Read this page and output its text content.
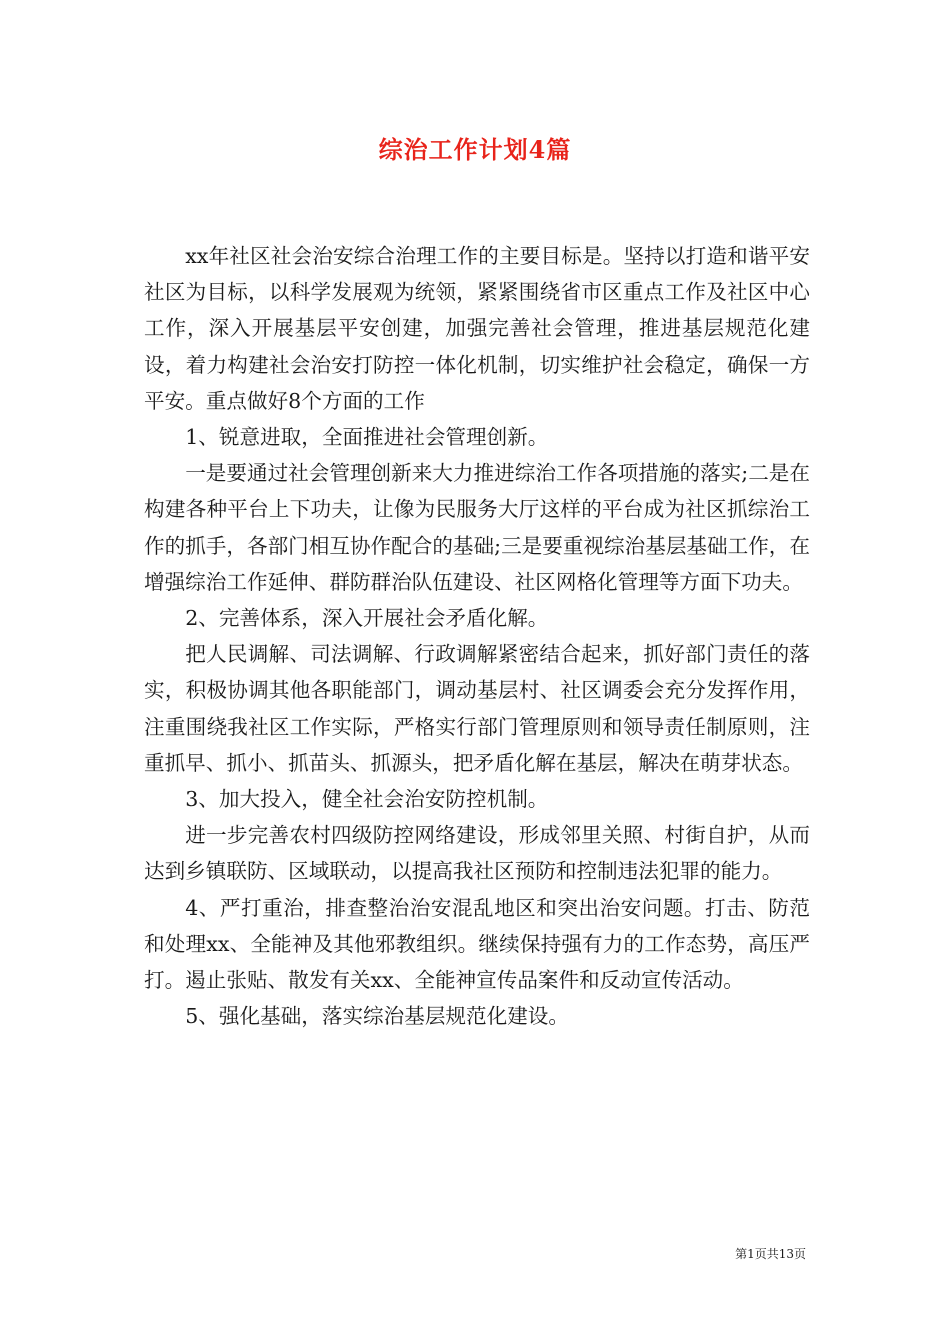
综治工作计划4篇

xx年社区社会治安综合治理工作的主要目标是。坚持以打造和谐平安社区为目标，以科学发展观为统领，紧紧围绕省市区重点工作及社区中心工作，深入开展基层平安创建，加强完善社会管理，推进基层规范化建设，着力构建社会治安打防控一体化机制，切实维护社会稳定，确保一方平安。重点做好8个方面的工作

1、锐意进取，全面推进社会管理创新。

一是要通过社会管理创新来大力推进综治工作各项措施的落实;二是在构建各种平台上下功夫，让像为民服务大厅这样的平台成为社区抓综治工作的抓手，各部门相互协作配合的基础;三是要重视综治基层基础工作，在增强综治工作延伸、群防群治队伍建设、社区网格化管理等方面下功夫。

2、完善体系，深入开展社会矛盾化解。

把人民调解、司法调解、行政调解紧密结合起来，抓好部门责任的落实，积极协调其他各职能部门，调动基层村、社区调委会充分发挥作用，注重围绕我社区工作实际，严格实行部门管理原则和领导责任制原则，注重抓早、抓小、抓苗头、抓源头，把矛盾化解在基层，解决在萌芽状态。

3、加大投入，健全社会治安防控机制。

进一步完善农村四级防控网络建设，形成邻里关照、村街自护，从而达到乡镇联防、区域联动，以提高我社区预防和控制违法犯罪的能力。

4、严打重治，排查整治治安混乱地区和突出治安问题。打击、防范和处理xx、全能神及其他邪教组织。继续保持强有力的工作态势，高压严打。遏止张贴、散发有关xx、全能神宣传品案件和反动宣传活动。

5、强化基础，落实综治基层规范化建设。

第1页共13页
